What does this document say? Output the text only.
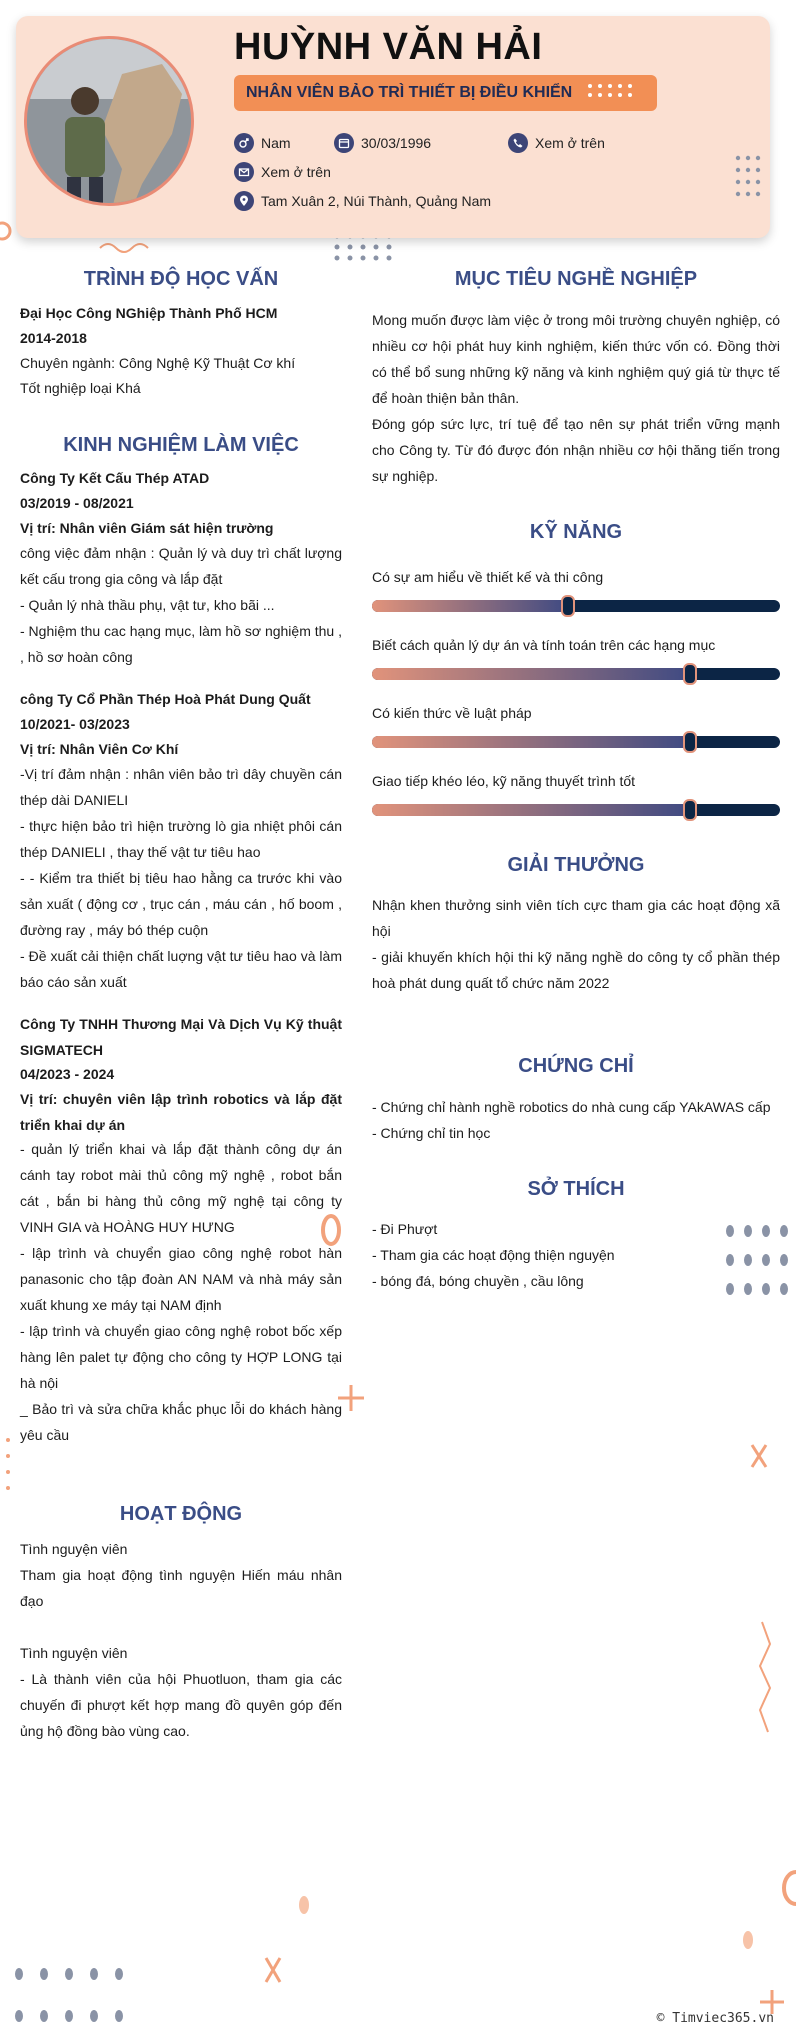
HUỲNH VĂN HẢI
NHÂN VIÊN BẢO TRÌ THIẾT BỊ ĐIỀU KHIỂN
Nam	30/03/1996	Xem ở trên
Xem ở trên
Tam Xuân 2, Núi Thành, Quảng Nam
TRÌNH ĐỘ HỌC VẤN
Đại Học Công NGhiệp Thành Phố HCM
2014-2018
Chuyên ngành: Công Nghệ Kỹ Thuật Cơ khí
Tốt nghiệp loại Khá
KINH NGHIỆM LÀM VIỆC
Công Ty Kết Cấu Thép ATAD
03/2019 - 08/2021
Vị trí: Nhân viên Giám sát hiện trường
công việc đảm nhận : Quản lý và duy trì chất lượng kết cấu trong gia công và lắp đặt
- Quản lý nhà thầu phụ, vật tư, kho bãi ...
- Nghiệm thu cac hạng mục, làm hồ sơ nghiệm thu , , hồ sơ hoàn công
công Ty Cổ Phần Thép Hoà Phát Dung Quất
10/2021- 03/2023
Vị trí: Nhân Viên Cơ Khí
-Vị trí đảm nhận : nhân viên bảo trì dây chuyền cán thép dài DANIELI
- thực hiện bảo trì hiện trường lò gia nhiệt phôi cán thép DANIELI , thay thế vật tư tiêu hao
- - Kiểm tra thiết bị tiêu hao hằng ca trước khi vào sản xuất ( động cơ , trục cán , máu cán , hố boom , đường ray , máy bó thép cuộn
- Đề xuất cải thiện chất luợng vật tư tiêu hao và làm báo cáo sản xuất
Công Ty TNHH Thương Mại Và Dịch Vụ Kỹ thuật SIGMATECH
04/2023 - 2024
Vị trí: chuyên viên lập trình robotics và lắp đặt triển khai dự án
- quản lý triển khai và lắp đặt thành công dự án cánh tay robot mài thủ công mỹ nghệ , robot bắn cát , bắn bi hàng thủ công mỹ nghệ tại công ty VINH GIA và HOÀNG HUY HƯNG
- lập trình và chuyển giao công nghệ robot hàn panasonic cho tập đoàn AN NAM và nhà máy sản xuất khung xe máy tại NAM định
- lập trình và chuyển giao công nghệ robot bốc xếp hàng lên palet tự động cho công ty HỢP LONG tại hà nội
_ Bảo trì và sửa chữa khắc phục lỗi do khách hàng yêu cầu
HOẠT ĐỘNG
Tình nguyện viên
Tham gia hoạt động tình nguyện Hiến máu nhân đạo
Tình nguyện viên
- Là thành viên của hội Phuotluon, tham gia các chuyến đi phượt kết hợp mang đồ quyên góp đến ủng hộ đồng bào vùng cao.
MỤC TIÊU NGHỀ NGHIỆP
Mong muốn được làm việc ở trong môi trường chuyên nghiệp, có nhiều cơ hội phát huy kinh nghiệm, kiến thức vốn có. Đồng thời có thể bổ sung những kỹ năng và kinh nghiệm quý giá từ thực tế để hoàn thiện bản thân.
Đóng góp sức lực, trí tuệ để tạo nên sự phát triển vững mạnh cho Công ty. Từ đó được đón nhận nhiều cơ hội thăng tiến trong sự nghiệp.
KỸ NĂNG
Có sự am hiểu về thiết kế và thi công
Biết cách quản lý dự án và tính toán trên các hạng mục
Có kiến thức về luật pháp
Giao tiếp khéo léo, kỹ năng thuyết trình tốt
GIẢI THƯỞNG
Nhận khen thưởng sinh viên tích cực tham gia các hoạt động xã hội
- giải khuyến khích hội thi kỹ năng nghề do công ty cổ phần thép hoà phát dung quất tổ chức năm 2022
CHỨNG CHỈ
- Chứng chỉ hành nghề robotics do nhà cung cấp YAkAWAS cấp
- Chứng chỉ tin học
SỞ THÍCH
- Đi Phượt
- Tham gia các hoạt động thiện nguyện
- bóng đá, bóng chuyền , cầu lông
© Timviec365.vn
